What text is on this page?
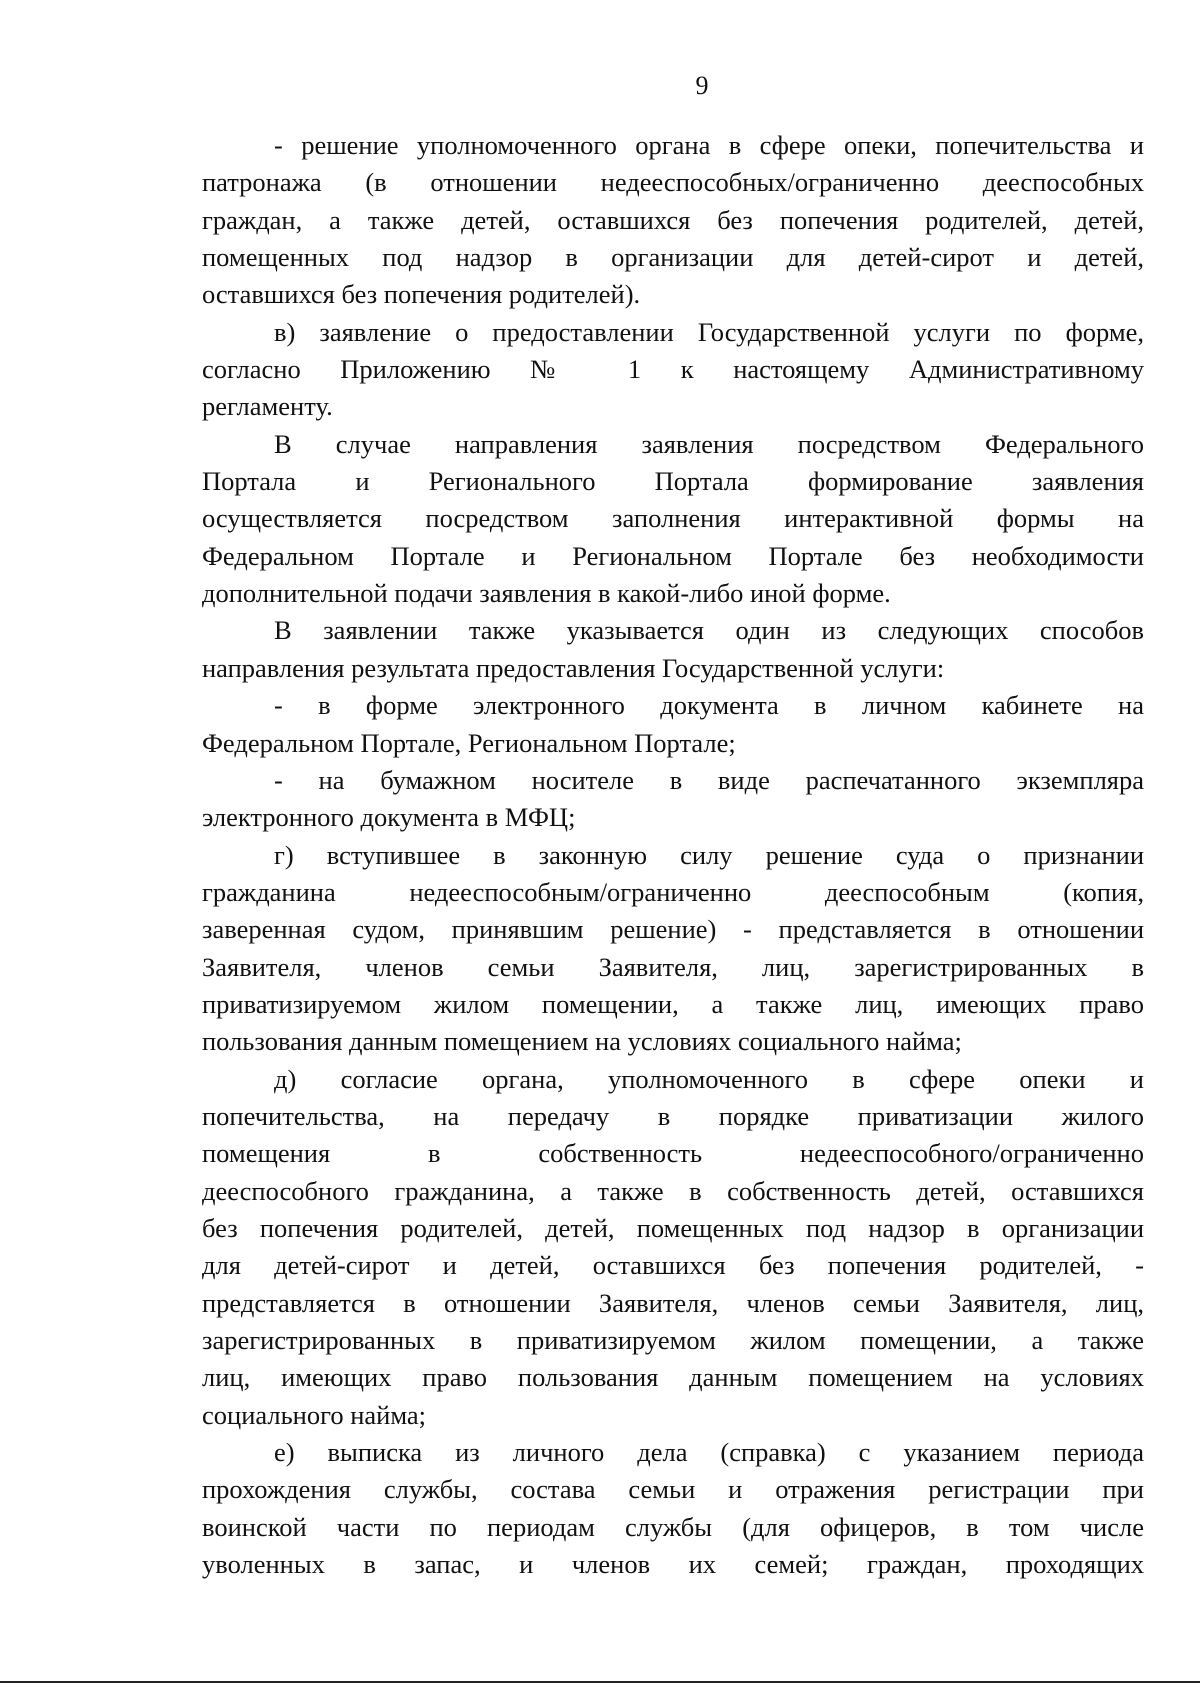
9
- решение уполномоченного органа в сфере опеки, попечительства и
патронажа (в отношении недееспособных/ограниченно дееспособных
граждан, а также детей, оставшихся без попечения родителей, детей,
помещенных под надзор в организации для детей-сирот и детей,
оставшихся без попечения родителей).
в) заявление о предоставлении Государственной услуги по форме,
согласно Приложению № 1 к настоящему Административному
регламенту.
В случае направления заявления посредством Федерального
Портала и Регионального Портала формирование заявления
осуществляется посредством заполнения интерактивной формы на
Федеральном Портале и Региональном Портале без необходимости
дополнительной подачи заявления в какой-либо иной форме.
В заявлении также указывается один из следующих способов
направления результата предоставления Государственной услуги:
- в форме электронного документа в личном кабинете на
Федеральном Портале, Региональном Портале;
- на бумажном носителе в виде распечатанного экземпляра
электронного документа в МФЦ;
г) вступившее в законную силу решение суда о признании
гражданина недееспособным/ограниченно дееспособным (копия,
заверенная судом, принявшим решение) - представляется в отношении
Заявителя, членов семьи Заявителя, лиц, зарегистрированных в
приватизируемом жилом помещении, а также лиц, имеющих право
пользования данным помещением на условиях социального найма;
д) согласие органа, уполномоченного в сфере опеки и
попечительства, на передачу в порядке приватизации жилого
помещения в собственность недееспособного/ограниченно
дееспособного гражданина, а также в собственность детей, оставшихся
без попечения родителей, детей, помещенных под надзор в организации
для детей-сирот и детей, оставшихся без попечения родителей, -
представляется в отношении Заявителя, членов семьи Заявителя, лиц,
зарегистрированных в приватизируемом жилом помещении, а также
лиц, имеющих право пользования данным помещением на условиях
социального найма;
е) выписка из личного дела (справка) с указанием периода
прохождения службы, состава семьи и отражения регистрации при
воинской части по периодам службы (для офицеров, в том числе
уволенных в запас, и членов их семей; граждан, проходящих
